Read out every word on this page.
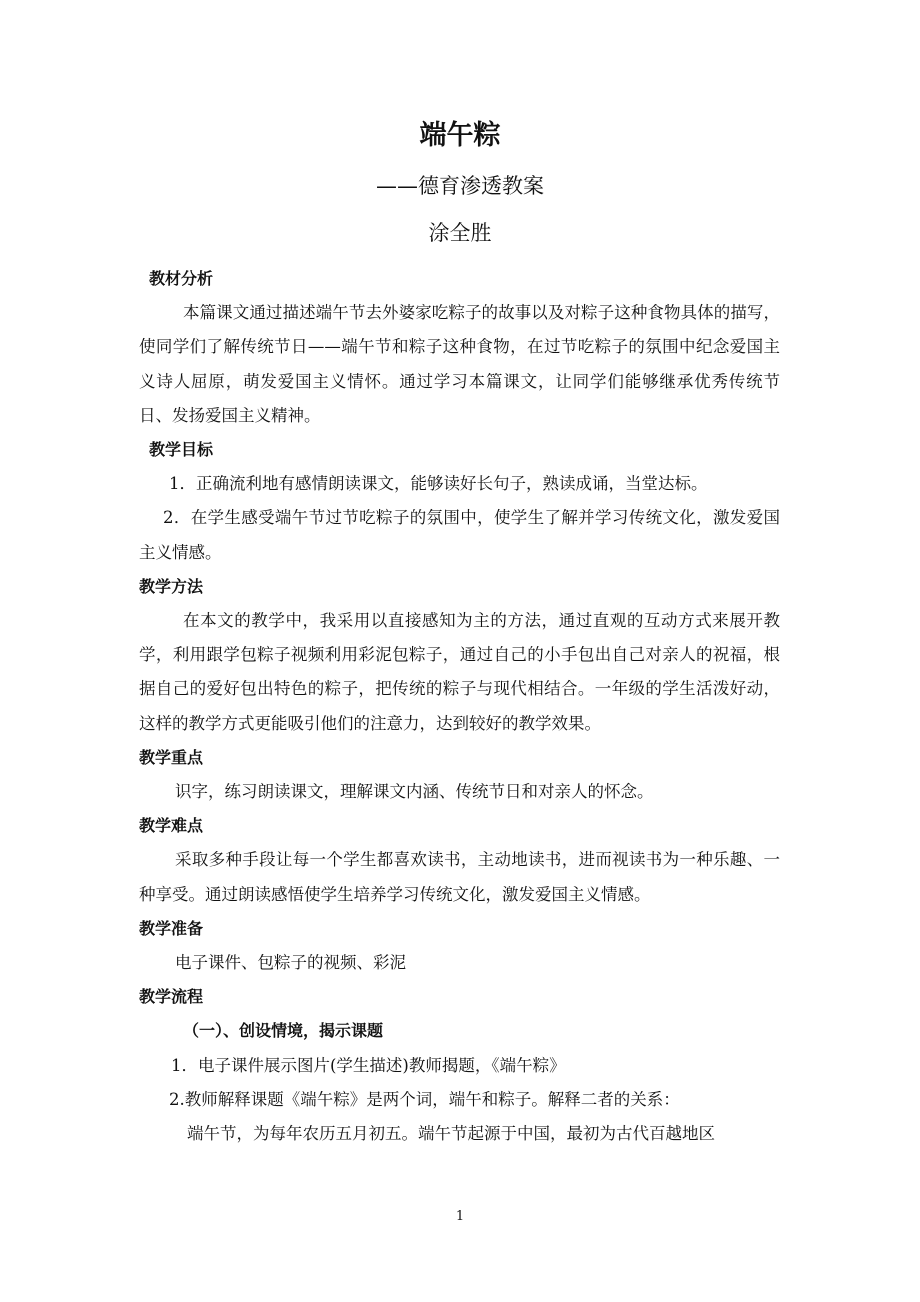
端午粽
——德育渗透教案
涂全胜
教材分析

本篇课文通过描述端午节去外婆家吃粽子的故事以及对粽子这种食物具体的描写，使同学们了解传统节日——端午节和粽子这种食物，在过节吃粽子的氛围中纪念爱国主义诗人屈原，萌发爱国主义情怀。通过学习本篇课文，让同学们能够继承优秀传统节日、发扬爱国主义精神。

教学目标

1．正确流利地有感情朗读课文，能够读好长句子，熟读成诵，当堂达标。

2．在学生感受端午节过节吃粽子的氛围中，使学生了解并学习传统文化，激发爱国主义情感。

教学方法

在本文的教学中，我采用以直接感知为主的方法，通过直观的互动方式来展开教学，利用跟学包粽子视频利用彩泥包粽子，通过自己的小手包出自己对亲人的祝福，根据自己的爱好包出特色的粽子，把传统的粽子与现代相结合。一年级的学生活泼好动，这样的教学方式更能吸引他们的注意力，达到较好的教学效果。

教学重点

识字，练习朗读课文，理解课文内涵、传统节日和对亲人的怀念。

教学难点

采取多种手段让每一个学生都喜欢读书，主动地读书，进而视读书为一种乐趣、一种享受。通过朗读感悟使学生培养学习传统文化，激发爱国主义情感。

教学准备

电子课件、包粽子的视频、彩泥

教学流程
（一）、创设情境，揭示课题

1．电子课件展示图片(学生描述)教师揭题，《端午粽》

2.教师解释课题《端午粽》是两个词，端午和粽子。解释二者的关系：

端午节，为每年农历五月初五。端午节起源于中国，最初为古代百越地区

1
